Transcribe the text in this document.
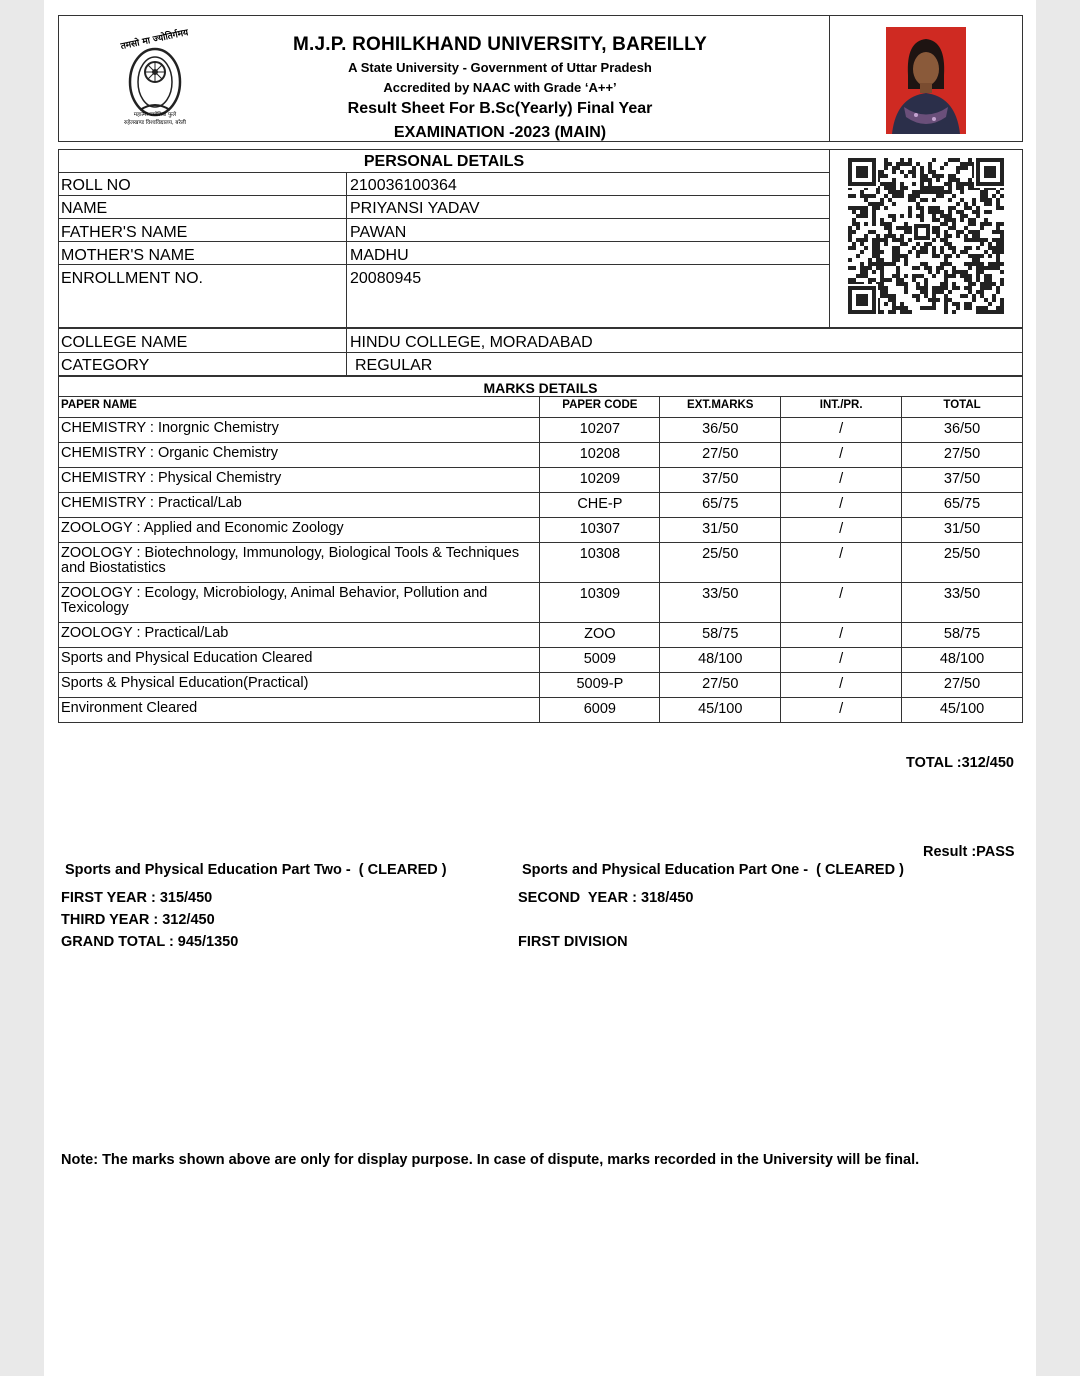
तमसो मा ज्योतिर्गमय
महात्मा ज्योतिबा फुले
रुहेलखण्ड विश्वविद्यालय, बरेली
M.J.P. ROHILKHAND UNIVERSITY, BAREILLY
A State University - Government of Uttar Pradesh
Accredited by NAAC with Grade ‘A++’
Result Sheet For B.Sc(Yearly) Final Year
EXAMINATION -2023 (MAIN)
PERSONAL DETAILS
ROLL NO	210036100364
NAME	PRIYANSI YADAV
FATHER'S NAME	PAWAN
MOTHER'S NAME	MADHU
ENROLLMENT NO.	20080945
COLLEGE NAME	HINDU COLLEGE, MORADABAD
CATEGORY	REGULAR
MARKS DETAILS
PAPER NAME	PAPER CODE	EXT.MARKS	INT./PR.	TOTAL
CHEMISTRY : Inorgnic Chemistry	10207	36/50	/	36/50
CHEMISTRY : Organic Chemistry	10208	27/50	/	27/50
CHEMISTRY : Physical Chemistry	10209	37/50	/	37/50
CHEMISTRY : Practical/Lab	CHE-P	65/75	/	65/75
ZOOLOGY : Applied and Economic Zoology	10307	31/50	/	31/50
ZOOLOGY : Biotechnology, Immunology, Biological Tools & Techniques and Biostatistics	10308	25/50	/	25/50
ZOOLOGY : Ecology, Microbiology, Animal Behavior, Pollution and Texicology	10309	33/50	/	33/50
ZOOLOGY : Practical/Lab	ZOO	58/75	/	58/75
Sports and Physical Education Cleared	5009	48/100	/	48/100
Sports & Physical Education(Practical)	5009-P	27/50	/	27/50
Environment Cleared	6009	45/100	/	45/100
TOTAL :312/450
Result :PASS
Sports and Physical Education Part Two -  ( CLEARED )	Sports and Physical Education Part One -  ( CLEARED )
FIRST YEAR : 315/450	SECOND  YEAR : 318/450
THIRD YEAR : 312/450
GRAND TOTAL : 945/1350	FIRST DIVISION
Note: The marks shown above are only for display purpose. In case of dispute, marks recorded in the University will be final.
